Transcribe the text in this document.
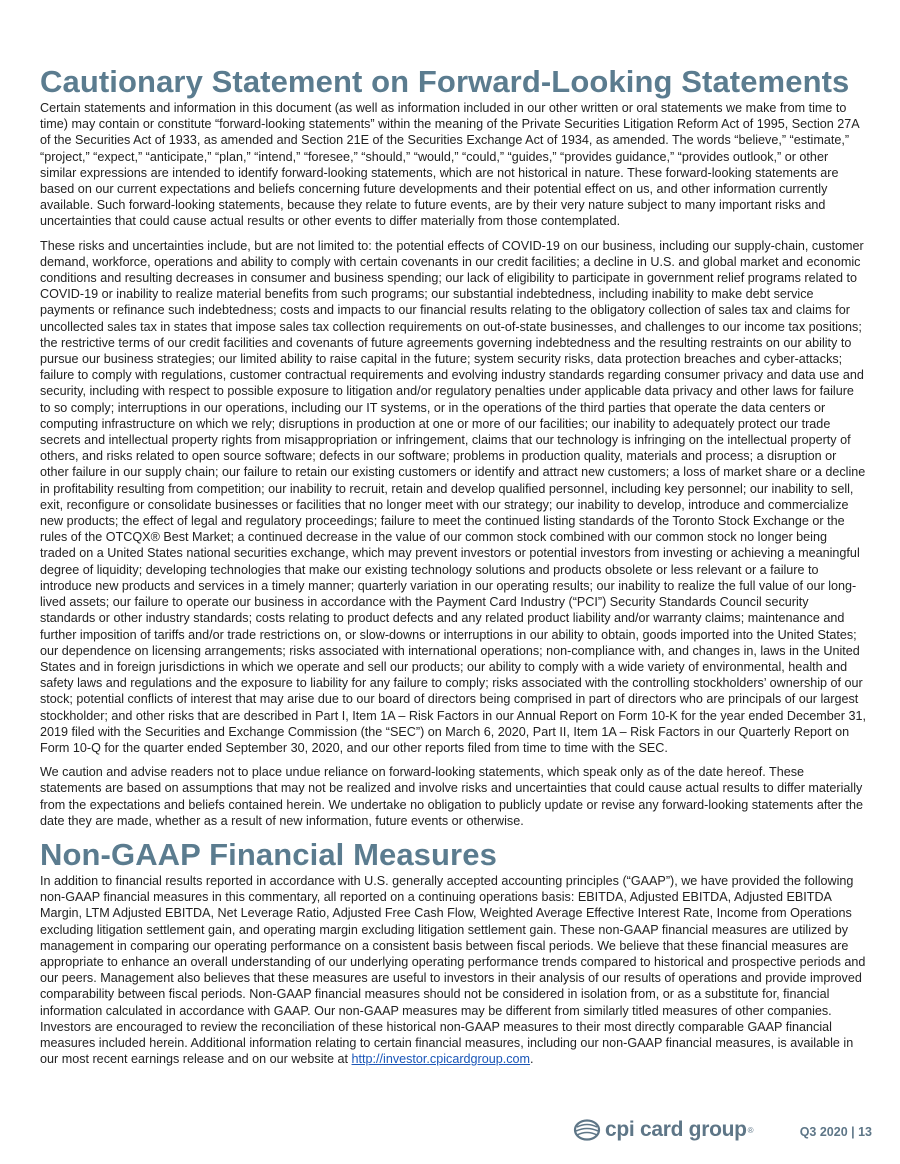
Cautionary Statement on Forward-Looking Statements

Certain statements and information in this document (as well as information included in our other written or oral statements we make from time to time) may contain or constitute “forward-looking statements” within the meaning of the Private Securities Litigation Reform Act of 1995, Section 27A of the Securities Act of 1933, as amended and Section 21E of the Securities Exchange Act of 1934, as amended. The words “believe,” “estimate,” “project,” “expect,” “anticipate,” “plan,” “intend,” “foresee,” “should,” “would,” “could,” “guides,” “provides guidance,” “provides outlook,” or other similar expressions are intended to identify forward-looking statements, which are not historical in nature. These forward-looking statements are based on our current expectations and beliefs concerning future developments and their potential effect on us, and other information currently available. Such forward-looking statements, because they relate to future events, are by their very nature subject to many important risks and uncertainties that could cause actual results or other events to differ materially from those contemplated.

These risks and uncertainties include, but are not limited to: the potential effects of COVID-19 on our business, including our supply-chain, customer demand, workforce, operations and ability to comply with certain covenants in our credit facilities; a decline in U.S. and global market and economic conditions and resulting decreases in consumer and business spending; our lack of eligibility to participate in government relief programs related to COVID-19 or inability to realize material benefits from such programs; our substantial indebtedness, including inability to make debt service payments or refinance such indebtedness; costs and impacts to our financial results relating to the obligatory collection of sales tax and claims for uncollected sales tax in states that impose sales tax collection requirements on out-of-state businesses, and challenges to our income tax positions; the restrictive terms of our credit facilities and covenants of future agreements governing indebtedness and the resulting restraints on our ability to pursue our business strategies; our limited ability to raise capital in the future; system security risks, data protection breaches and cyber-attacks; failure to comply with regulations, customer contractual requirements and evolving industry standards regarding consumer privacy and data use and security, including with respect to possible exposure to litigation and/or regulatory penalties under applicable data privacy and other laws for failure to so comply; interruptions in our operations, including our IT systems, or in the operations of the third parties that operate the data centers or computing infrastructure on which we rely; disruptions in production at one or more of our facilities; our inability to adequately protect our trade secrets and intellectual property rights from misappropriation or infringement, claims that our technology is infringing on the intellectual property of others, and risks related to open source software; defects in our software; problems in production quality, materials and process; a disruption or other failure in our supply chain; our failure to retain our existing customers or identify and attract new customers; a loss of market share or a decline in profitability resulting from competition; our inability to recruit, retain and develop qualified personnel, including key personnel; our inability to sell, exit, reconfigure or consolidate businesses or facilities that no longer meet with our strategy; our inability to develop, introduce and commercialize new products; the effect of legal and regulatory proceedings; failure to meet the continued listing standards of the Toronto Stock Exchange or the rules of the OTCQX® Best Market; a continued decrease in the value of our common stock combined with our common stock no longer being traded on a United States national securities exchange, which may prevent investors or potential investors from investing or achieving a meaningful degree of liquidity; developing technologies that make our existing technology solutions and products obsolete or less relevant or a failure to introduce new products and services in a timely manner; quarterly variation in our operating results; our inability to realize the full value of our long-lived assets; our failure to operate our business in accordance with the Payment Card Industry (“PCI”) Security Standards Council security standards or other industry standards; costs relating to product defects and any related product liability and/or warranty claims; maintenance and further imposition of tariffs and/or trade restrictions on, or slow-downs or interruptions in our ability to obtain, goods imported into the United States; our dependence on licensing arrangements; risks associated with international operations; non-compliance with, and changes in, laws in the United States and in foreign jurisdictions in which we operate and sell our products; our ability to comply with a wide variety of environmental, health and safety laws and regulations and the exposure to liability for any failure to comply; risks associated with the controlling stockholders’ ownership of our stock; potential conflicts of interest that may arise due to our board of directors being comprised in part of directors who are principals of our largest stockholder; and other risks that are described in Part I, Item 1A – Risk Factors in our Annual Report on Form 10-K for the year ended December 31, 2019 filed with the Securities and Exchange Commission (the “SEC”) on March 6, 2020, Part II, Item 1A – Risk Factors in our Quarterly Report on Form 10-Q for the quarter ended September 30, 2020, and our other reports filed from time to time with the SEC.

We caution and advise readers not to place undue reliance on forward-looking statements, which speak only as of the date hereof. These statements are based on assumptions that may not be realized and involve risks and uncertainties that could cause actual results to differ materially from the expectations and beliefs contained herein. We undertake no obligation to publicly update or revise any forward-looking statements after the date they are made, whether as a result of new information, future events or otherwise.

Non-GAAP Financial Measures

In addition to financial results reported in accordance with U.S. generally accepted accounting principles (“GAAP”), we have provided the following non-GAAP financial measures in this commentary, all reported on a continuing operations basis: EBITDA, Adjusted EBITDA, Adjusted EBITDA Margin, LTM Adjusted EBITDA, Net Leverage Ratio, Adjusted Free Cash Flow, Weighted Average Effective Interest Rate, Income from Operations excluding litigation settlement gain, and operating margin excluding litigation settlement gain. These non-GAAP financial measures are utilized by management in comparing our operating performance on a consistent basis between fiscal periods. We believe that these financial measures are appropriate to enhance an overall understanding of our underlying operating performance trends compared to historical and prospective periods and our peers. Management also believes that these measures are useful to investors in their analysis of our results of operations and provide improved comparability between fiscal periods. Non-GAAP financial measures should not be considered in isolation from, or as a substitute for, financial information calculated in accordance with GAAP. Our non-GAAP measures may be different from similarly titled measures of other companies. Investors are encouraged to review the reconciliation of these historical non-GAAP measures to their most directly comparable GAAP financial measures included herein. Additional information relating to certain financial measures, including our non-GAAP financial measures, is available in our most recent earnings release and on our website at http://investor.cpicardgroup.com.

cpi card group ®	Q3 2020 | 13
